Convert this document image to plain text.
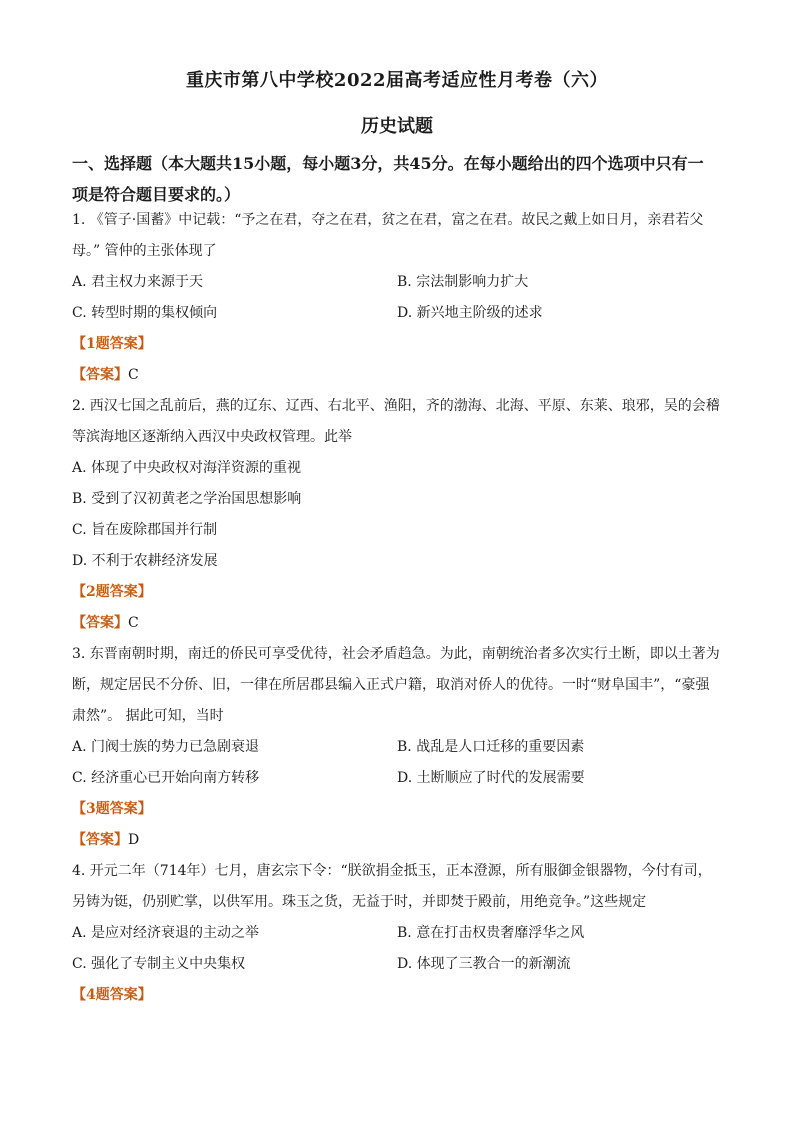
重庆市第八中学校2022届高考适应性月考卷（六）
历史试题
一、选择题（本大题共15小题，每小题3分，共45分。在每小题给出的四个选项中只有一
项是符合题目要求的。）
1. 《管子·国蓄》中记载：“予之在君，夺之在君，贫之在君，富之在君。故民之戴上如日月，亲君若父
母。” 管仲的主张体现了
A. 君主权力来源于天	B. 宗法制影响力扩大
C. 转型时期的集权倾向	D. 新兴地主阶级的述求
【1题答案】
【答案】C
2. 西汉七国之乱前后，燕的辽东、辽西、右北平、渔阳，齐的渤海、北海、平原、东莱、琅邪，吴的会稽
等滨海地区逐渐纳入西汉中央政权管理。此举
A. 体现了中央政权对海洋资源的重视
B. 受到了汉初黄老之学治国思想影响
C. 旨在废除郡国并行制
D. 不利于农耕经济发展
【2题答案】
【答案】C
3. 东晋南朝时期，南迁的侨民可享受优待，社会矛盾趋急。为此，南朝统治者多次实行土断，即以土著为
断，规定居民不分侨、旧，一律在所居郡县编入正式户籍，取消对侨人的优待。一时“财阜国丰”，“豪强
肃然”。 据此可知，当时
A. 门阀士族的势力已急剧衰退	B. 战乱是人口迁移的重要因素
C. 经济重心已开始向南方转移	D. 土断顺应了时代的发展需要
【3题答案】
【答案】D
4. 开元二年（714年）七月，唐玄宗下令：“朕欲捐金抵玉，正本澄源，所有服御金银器物，今付有司，
另铸为铤，仍别贮掌，以供军用。珠玉之货，无益于时，并即焚于殿前，用绝竞争。”这些规定
A. 是应对经济衰退的主动之举	B. 意在打击权贵奢靡浮华之风
C. 强化了专制主义中央集权	D. 体现了三教合一的新潮流
【4题答案】
